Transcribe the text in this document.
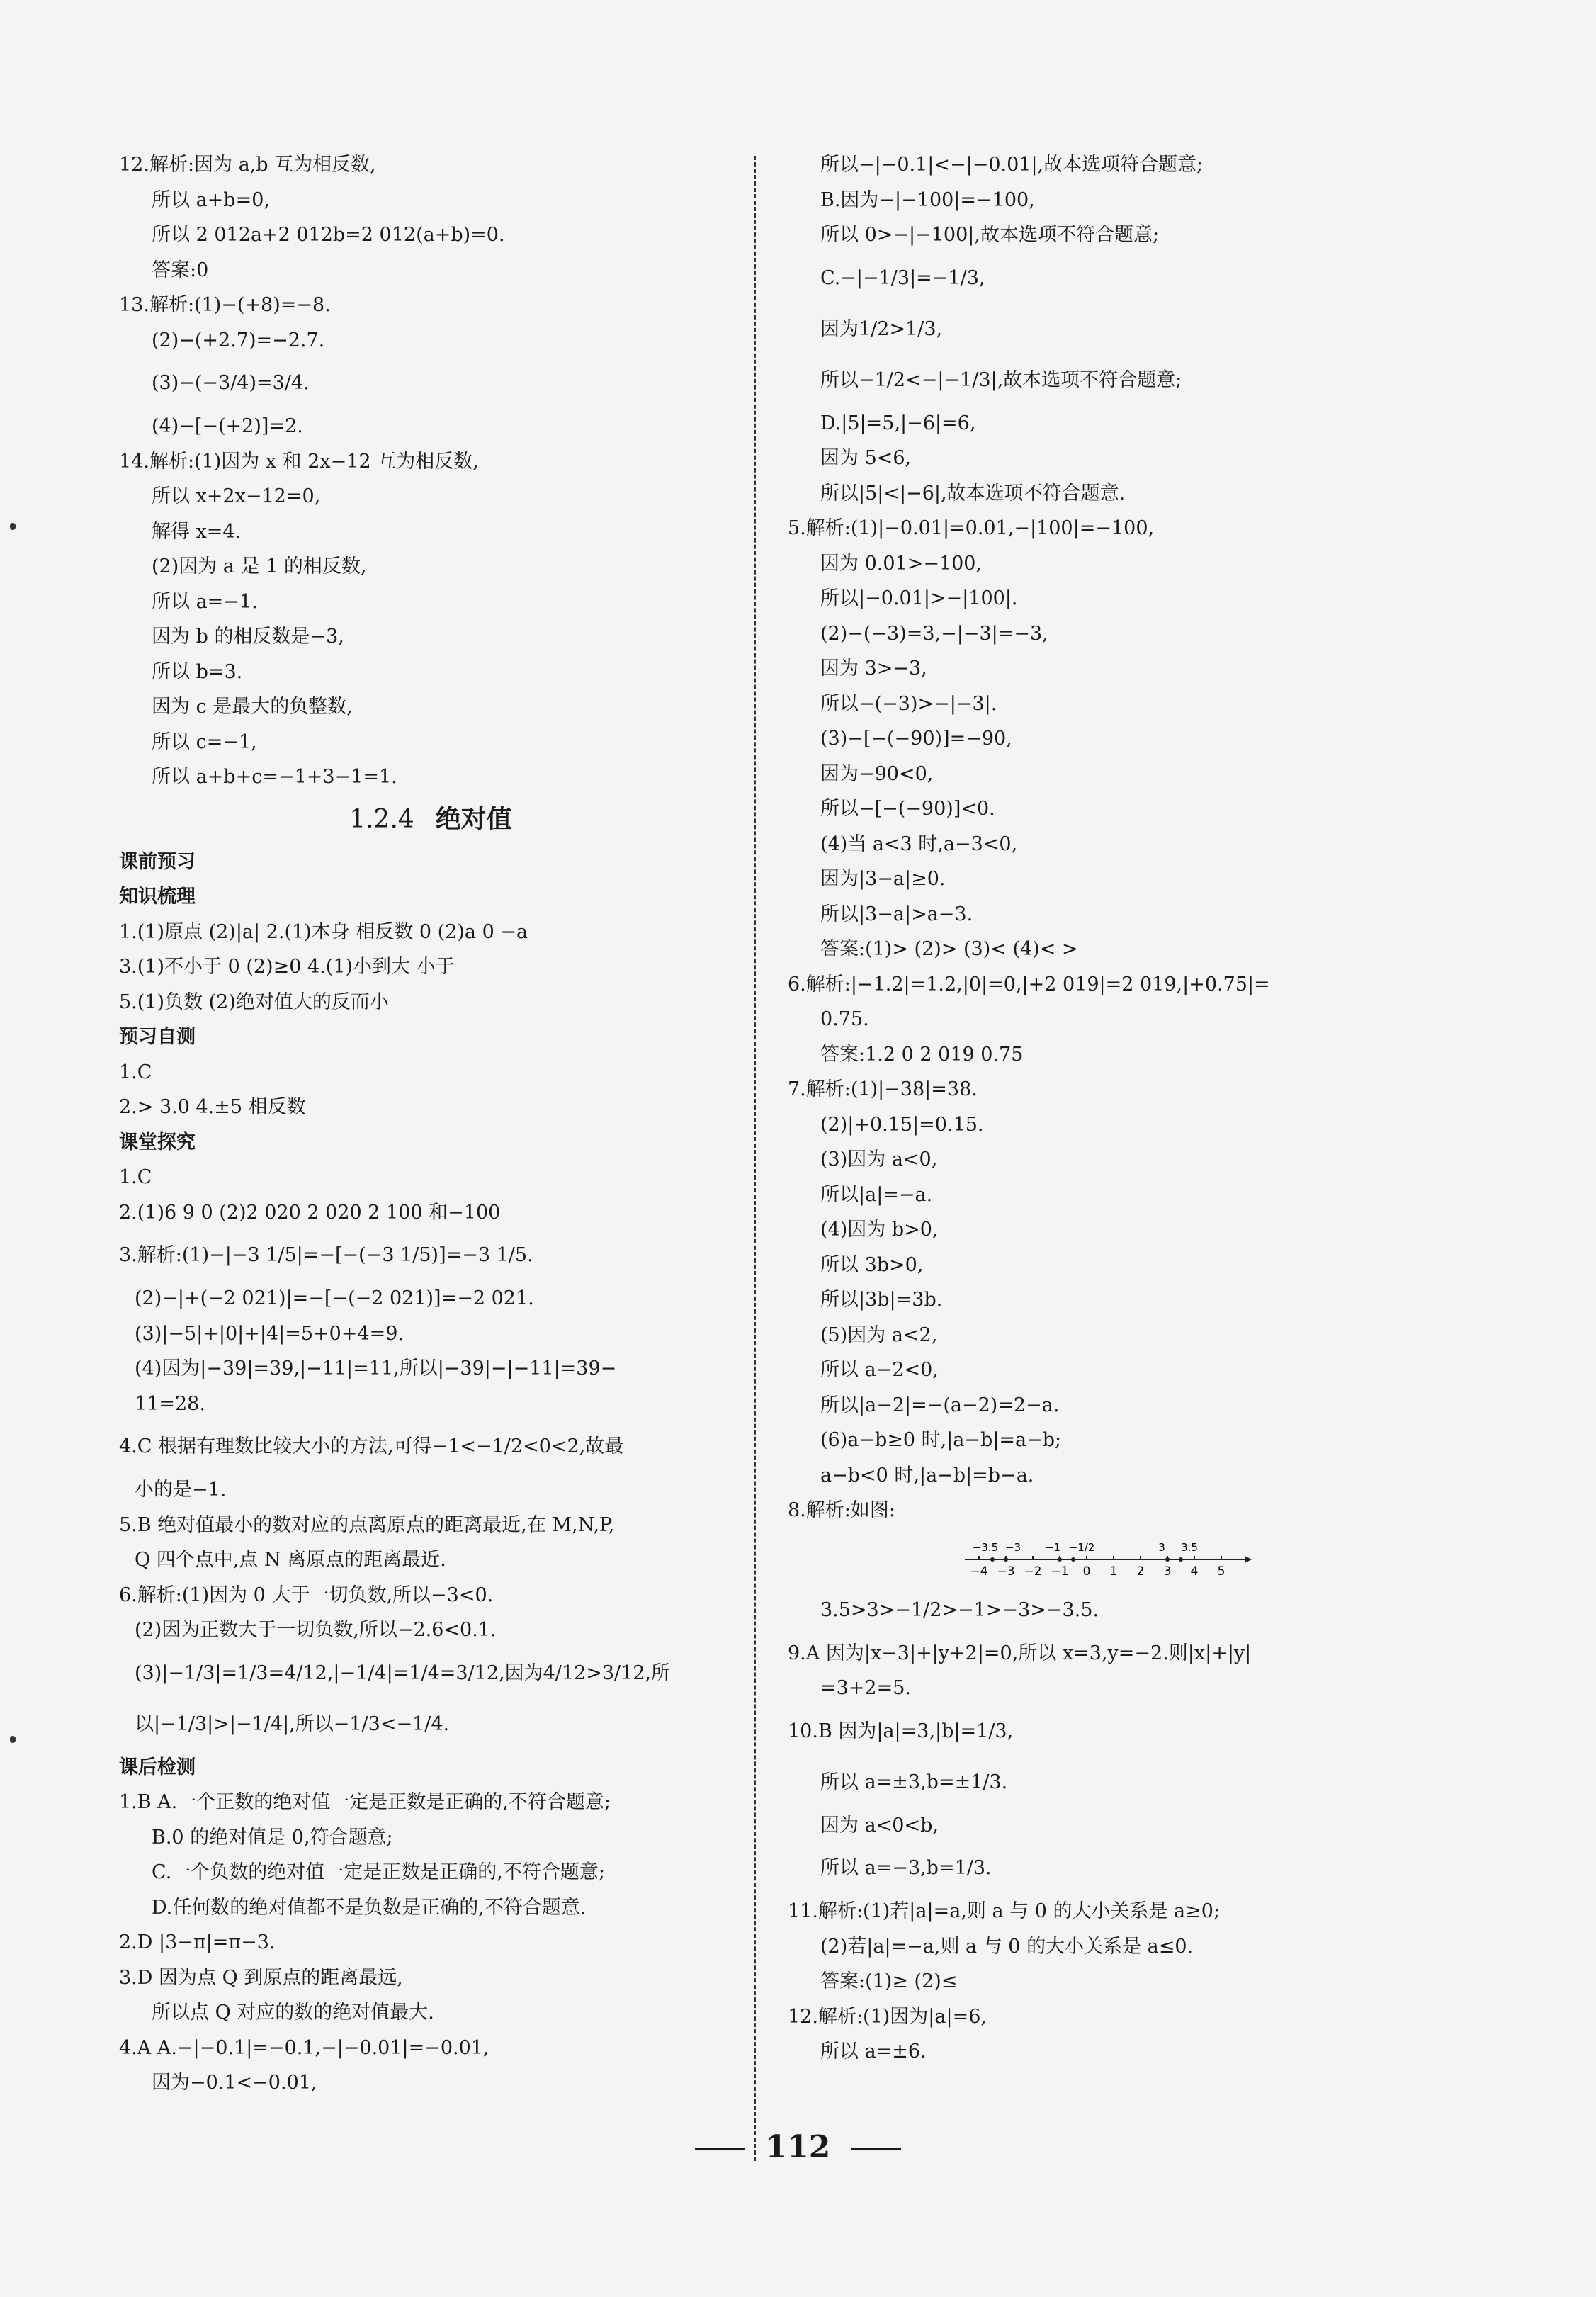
12.解析:因为 a,b 互为相反数,
所以 a+b=0,
所以 2 012a+2 012b=2 012(a+b)=0.
答案:0
13.解析:(1)−(+8)=−8.
(2)−(+2.7)=−2.7.
(3)−(−3/4)=3/4.
(4)−[−(+2)]=2.
14.解析:(1)因为 x 和 2x−12 互为相反数,
所以 x+2x−12=0,
解得 x=4.
(2)因为 a 是 1 的相反数,
所以 a=−1.
因为 b 的相反数是−3,
所以 b=3.
因为 c 是最大的负整数,
所以 c=−1,
所以 a+b+c=−1+3−1=1.
1.2.4 绝对值
课前预习
知识梳理
1.(1)原点 (2)|a| 2.(1)本身 相反数 0 (2)a 0 −a
3.(1)不小于 0 (2)≥0 4.(1)小到大 小于
5.(1)负数 (2)绝对值大的反而小
预习自测
1.C
2.> 3.0 4.±5 相反数
课堂探究
1.C
2.(1)6 9 0 (2)2 020 2 020 2 100 和−100
3.解析:(1)−|−3 1/5|=−[−(−3 1/5)]=−3 1/5.
(2)−|+(−2 021)|=−[−(−2 021)]=−2 021.
(3)|−5|+|0|+|4|=5+0+4=9.
(4)因为|−39|=39,|−11|=11,所以|−39|−|−11|=39−
11=28.
4.C 根据有理数比较大小的方法,可得−1<−1/2<0<2,故最
小的是−1.
5.B 绝对值最小的数对应的点离原点的距离最近,在 M,N,P,
Q 四个点中,点 N 离原点的距离最近.
6.解析:(1)因为 0 大于一切负数,所以−3<0.
(2)因为正数大于一切负数,所以−2.6<0.1.
(3)|−1/3|=1/3=4/12,|−1/4|=1/4=3/12,因为4/12>3/12,所
以|−1/3|>|−1/4|,所以−1/3<−1/4.
课后检测
1.B A.一个正数的绝对值一定是正数是正确的,不符合题意;
B.0 的绝对值是 0,符合题意;
C.一个负数的绝对值一定是正数是正确的,不符合题意;
D.任何数的绝对值都不是负数是正确的,不符合题意.
2.D |3−π|=π−3.
3.D 因为点 Q 到原点的距离最远,
所以点 Q 对应的数的绝对值最大.
4.A A.−|−0.1|=−0.1,−|−0.01|=−0.01,
因为−0.1<−0.01,
所以−|−0.1|<−|−0.01|,故本选项符合题意;
B.因为−|−100|=−100,
所以 0>−|−100|,故本选项不符合题意;
C.−|−1/3|=−1/3,
因为1/2>1/3,
所以−1/2<−|−1/3|,故本选项不符合题意;
D.|5|=5,|−6|=6,
因为 5<6,
所以|5|<|−6|,故本选项不符合题意.
5.解析:(1)|−0.01|=0.01,−|100|=−100,
因为 0.01>−100,
所以|−0.01|>−|100|.
(2)−(−3)=3,−|−3|=−3,
因为 3>−3,
所以−(−3)>−|−3|.
(3)−[−(−90)]=−90,
因为−90<0,
所以−[−(−90)]<0.
(4)当 a<3 时,a−3<0,
因为|3−a|≥0.
所以|3−a|>a−3.
答案:(1)> (2)> (3)< (4)< >
6.解析:|−1.2|=1.2,|0|=0,|+2 019|=2 019,|+0.75|=
0.75.
答案:1.2 0 2 019 0.75
7.解析:(1)|−38|=38.
(2)|+0.15|=0.15.
(3)因为 a<0,
所以|a|=−a.
(4)因为 b>0,
所以 3b>0,
所以|3b|=3b.
(5)因为 a<2,
所以 a−2<0,
所以|a−2|=−(a−2)=2−a.
(6)a−b≥0 时,|a−b|=a−b;
a−b<0 时,|a−b|=b−a.
8.解析:如图:
−4 −3 −2 −1 0 1 2 3 4 5
−3.5 −3 −1 −1/2	3 3.5
3.5>3>−1/2>−1>−3>−3.5.
9.A 因为|x−3|+|y+2|=0,所以 x=3,y=−2.则|x|+|y|
=3+2=5.
10.B 因为|a|=3,|b|=1/3,
所以 a=±3,b=±1/3.
因为 a<0<b,
所以 a=−3,b=1/3.
11.解析:(1)若|a|=a,则 a 与 0 的大小关系是 a≥0;
(2)若|a|=−a,则 a 与 0 的大小关系是 a≤0.
答案:(1)≥ (2)≤
12.解析:(1)因为|a|=6,
所以 a=±6.
112
